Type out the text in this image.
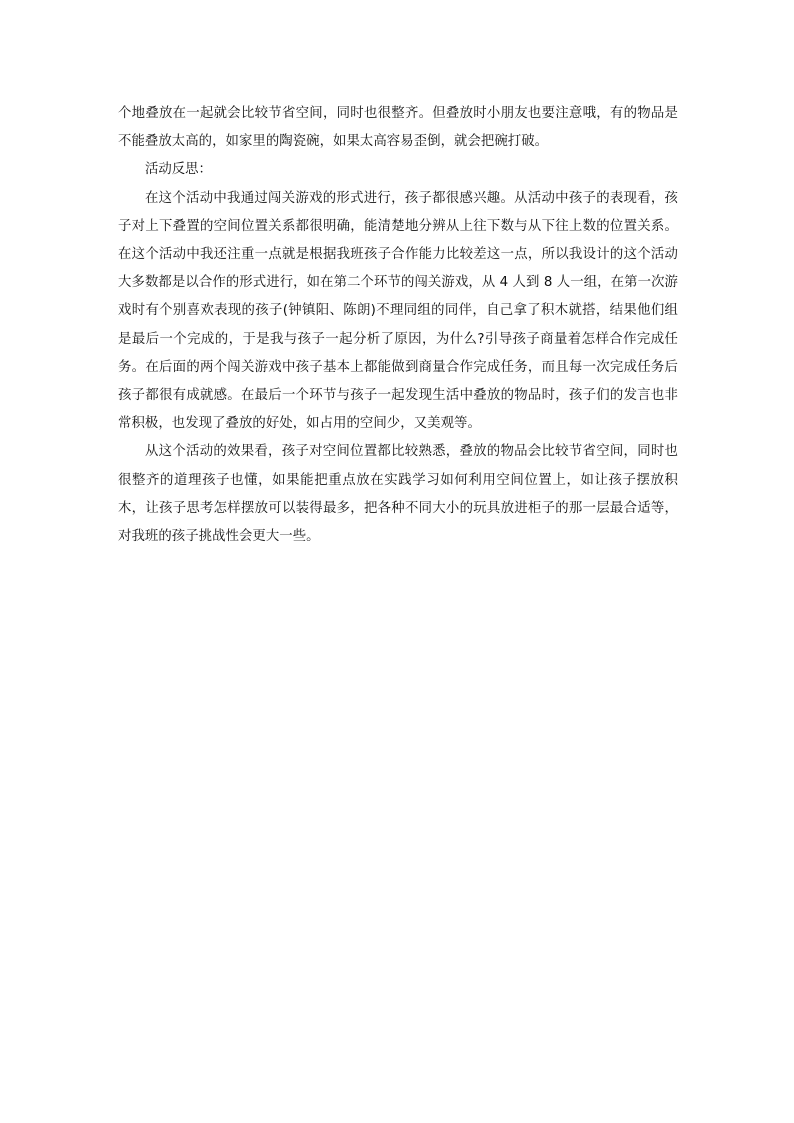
个地叠放在一起就会比较节省空间，同时也很整齐。但叠放时小朋友也要注意哦，有的物品是不能叠放太高的，如家里的陶瓷碗，如果太高容易歪倒，就会把碗打破。

活动反思：

在这个活动中我通过闯关游戏的形式进行，孩子都很感兴趣。从活动中孩子的表现看，孩子对上下叠置的空间位置关系都很明确，能清楚地分辨从上往下数与从下往上数的位置关系。在这个活动中我还注重一点就是根据我班孩子合作能力比较差这一点，所以我设计的这个活动大多数都是以合作的形式进行，如在第二个环节的闯关游戏，从 4 人到 8 人一组，在第一次游戏时有个别喜欢表现的孩子(钟镇阳、陈朗)不理同组的同伴，自己拿了积木就搭，结果他们组是最后一个完成的，于是我与孩子一起分析了原因，为什么?引导孩子商量着怎样合作完成任务。在后面的两个闯关游戏中孩子基本上都能做到商量合作完成任务，而且每一次完成任务后孩子都很有成就感。在最后一个环节与孩子一起发现生活中叠放的物品时，孩子们的发言也非常积极，也发现了叠放的好处，如占用的空间少，又美观等。

从这个活动的效果看，孩子对空间位置都比较熟悉，叠放的物品会比较节省空间，同时也很整齐的道理孩子也懂，如果能把重点放在实践学习如何利用空间位置上，如让孩子摆放积木，让孩子思考怎样摆放可以装得最多，把各种不同大小的玩具放进柜子的那一层最合适等，对我班的孩子挑战性会更大一些。
